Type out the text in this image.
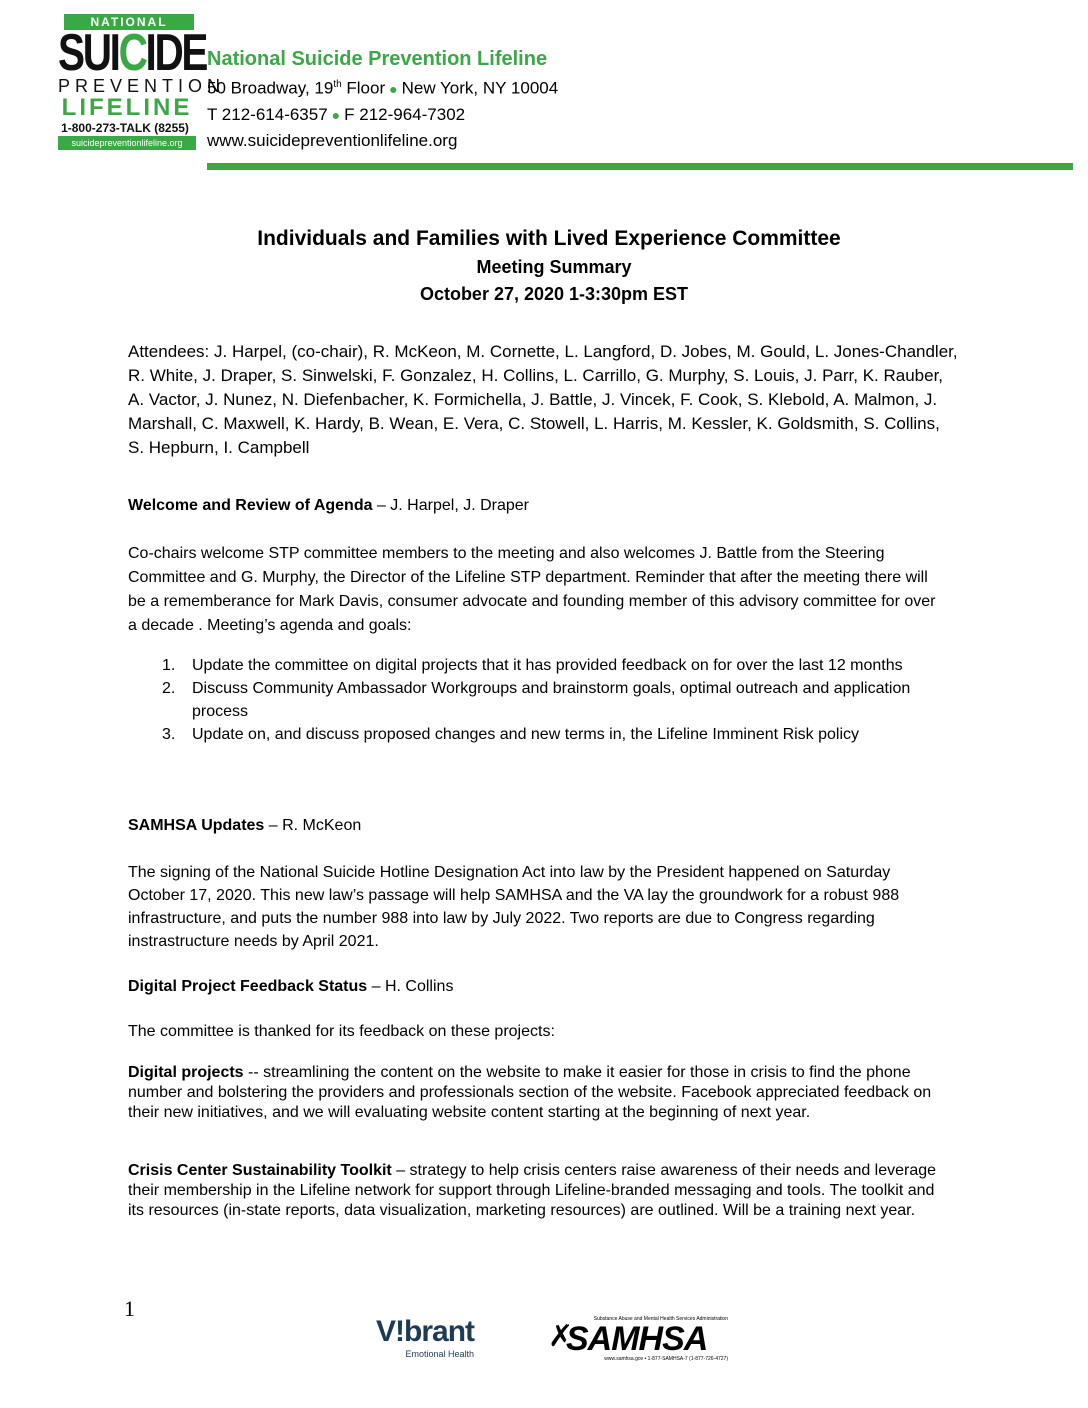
NATIONAL
SUICIDE
PREVENTION
LIFELINE
1-800-273-TALK (8255)
suicidepreventionlifeline.org
National Suicide Prevention Lifeline
50 Broadway, 19th Floor ● New York, NY 10004
T 212-614-6357 ● F 212-964-7302
www.suicidepreventionlifeline.org
Individuals and Families with Lived Experience Committee
Meeting Summary
October 27, 2020 1-3:30pm EST

Attendees: J. Harpel, (co-chair), R. McKeon, M. Cornette, L. Langford, D. Jobes, M. Gould, L. Jones-Chandler, R. White, J. Draper, S. Sinwelski, F. Gonzalez, H. Collins, L. Carrillo, G. Murphy, S. Louis, J. Parr, K. Rauber, A. Vactor, J. Nunez, N. Diefenbacher, K. Formichella, J. Battle, J. Vincek, F. Cook, S. Klebold, A. Malmon, J. Marshall, C. Maxwell, K. Hardy, B. Wean, E. Vera, C. Stowell, L. Harris, M. Kessler, K. Goldsmith, S. Collins, S. Hepburn, I. Campbell

Welcome and Review of Agenda – J. Harpel, J. Draper

Co-chairs welcome STP committee members to the meeting and also welcomes J. Battle from the Steering Committee and G. Murphy, the Director of the Lifeline STP department. Reminder that after the meeting there will be a rememberance for Mark Davis, consumer advocate and founding member of this advisory committee for over a decade . Meeting’s agenda and goals:

1. Update the committee on digital projects that it has provided feedback on for over the last 12 months
2. Discuss Community Ambassador Workgroups and brainstorm goals, optimal outreach and application process
3. Update on, and discuss proposed changes and new terms in, the Lifeline Imminent Risk policy

SAMHSA Updates – R. McKeon

The signing of the National Suicide Hotline Designation Act into law by the President happened on Saturday October 17, 2020. This new law’s passage will help SAMHSA and the VA lay the groundwork for a robust 988 infrastructure, and puts the number 988 into law by July 2022. Two reports are due to Congress regarding instrastructure needs by April 2021.

Digital Project Feedback Status – H. Collins

The committee is thanked for its feedback on these projects:

Digital projects -- streamlining the content on the website to make it easier for those in crisis to find the phone number and bolstering the providers and professionals section of the website. Facebook appreciated feedback on their new initiatives, and we will evaluating website content starting at the beginning of next year.

Crisis Center Sustainability Toolkit – strategy to help crisis centers raise awareness of their needs and leverage their membership in the Lifeline network for support through Lifeline-branded messaging and tools. The toolkit and its resources (in-state reports, data visualization, marketing resources) are outlined. Will be a training next year.

1
V!brant
Emotional Health
✗
Substance Abuse and Mental Health Services Administration
SAMHSA
www.samhsa.gov • 1-877-SAMHSA-7 (1-877-726-4727)
